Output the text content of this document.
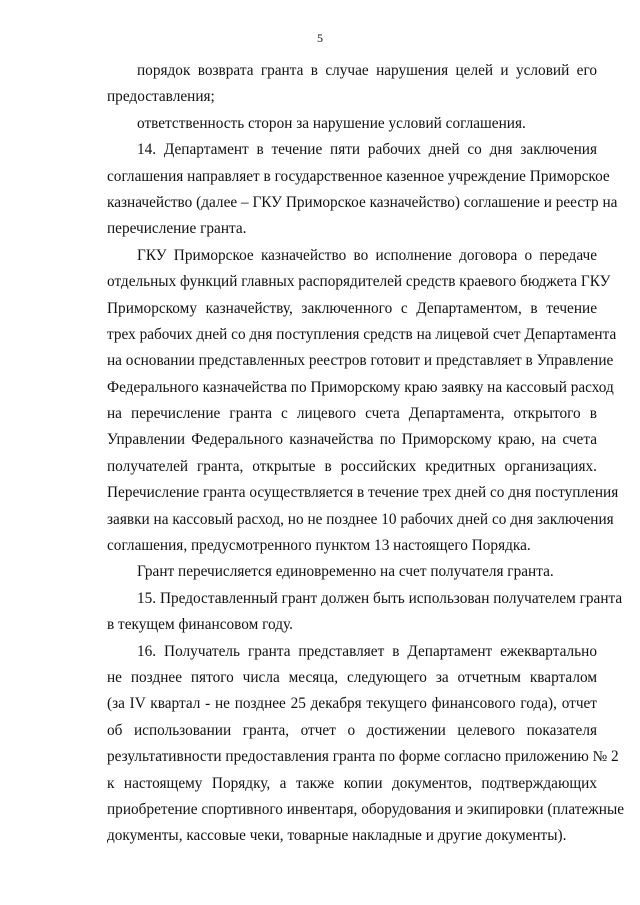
5
порядок возврата гранта в случае нарушения целей и условий его
предоставления;
ответственность сторон за нарушение условий соглашения.
14. Департамент в течение пяти рабочих дней со дня заключения
соглашения направляет в государственное казенное учреждение Приморское
казначейство (далее – ГКУ Приморское казначейство) соглашение и реестр на
перечисление гранта.
ГКУ Приморское казначейство во исполнение договора о передаче
отдельных функций главных распорядителей средств краевого бюджета ГКУ
Приморскому казначейству, заключенного с Департаментом, в течение
трех рабочих дней со дня поступления средств на лицевой счет Департамента
на основании представленных реестров готовит и представляет в Управление
Федерального казначейства по Приморскому краю заявку на кассовый расход
на перечисление гранта с лицевого счета Департамента, открытого в
Управлении Федерального казначейства по Приморскому краю, на счета
получателей гранта, открытые в российских кредитных организациях.
Перечисление гранта осуществляется в течение трех дней со дня поступления
заявки на кассовый расход, но не позднее 10 рабочих дней со дня заключения
соглашения, предусмотренного пунктом 13 настоящего Порядка.
Грант перечисляется единовременно на счет получателя гранта.
15. Предоставленный грант должен быть использован получателем гранта
в текущем финансовом году.
16. Получатель гранта представляет в Департамент ежеквартально
не позднее пятого числа месяца, следующего за отчетным кварталом
(за IV квартал - не позднее 25 декабря текущего финансового года), отчет
об использовании гранта, отчет о достижении целевого показателя
результативности предоставления гранта по форме согласно приложению № 2
к настоящему Порядку, а также копии документов, подтверждающих
приобретение спортивного инвентаря, оборудования и экипировки (платежные
документы, кассовые чеки, товарные накладные и другие документы).
